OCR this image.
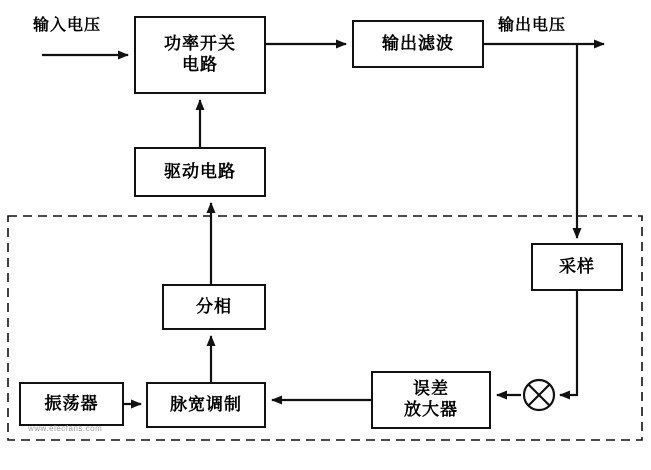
功率开关
电路
输出滤波
驱动电路
采样
分相
振荡器	脉宽调制
误差
放大器
输入电压	输出电压
www.elecfans.com
